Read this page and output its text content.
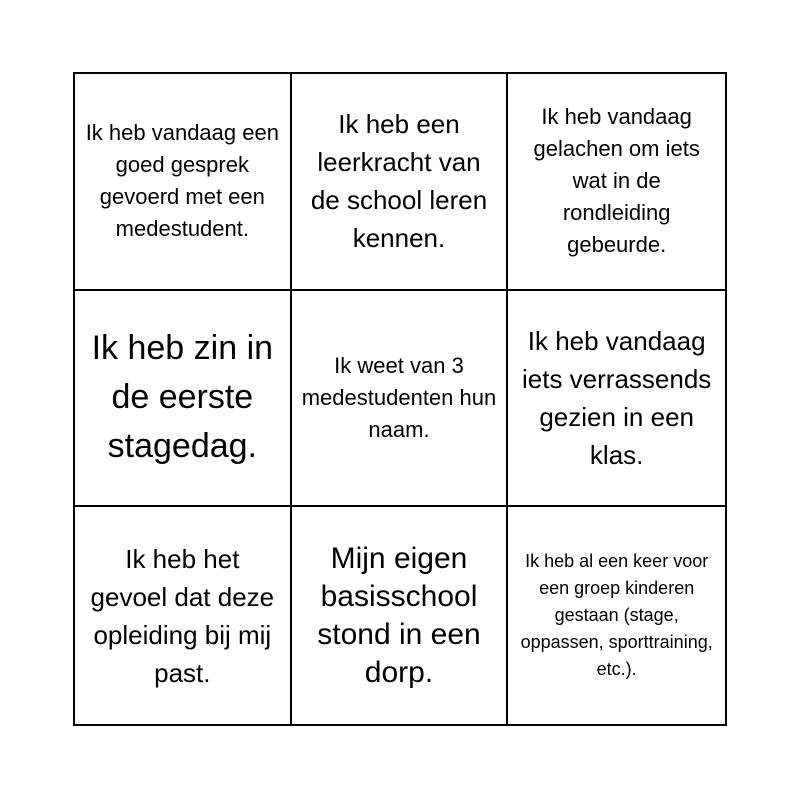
Ik heb vandaag een goed gesprek gevoerd met een medestudent.
Ik heb een leerkracht van de school leren kennen.
Ik heb vandaag gelachen om iets wat in de rondleiding gebeurde.
Ik heb zin in de eerste stagedag.
Ik weet van 3 medestudenten hun naam.
Ik heb vandaag iets verrassends gezien in een klas.
Ik heb het gevoel dat deze opleiding bij mij past.
Mijn eigen basisschool stond in een dorp.
Ik heb al een keer voor een groep kinderen gestaan (stage, oppassen, sporttraining, etc.).
